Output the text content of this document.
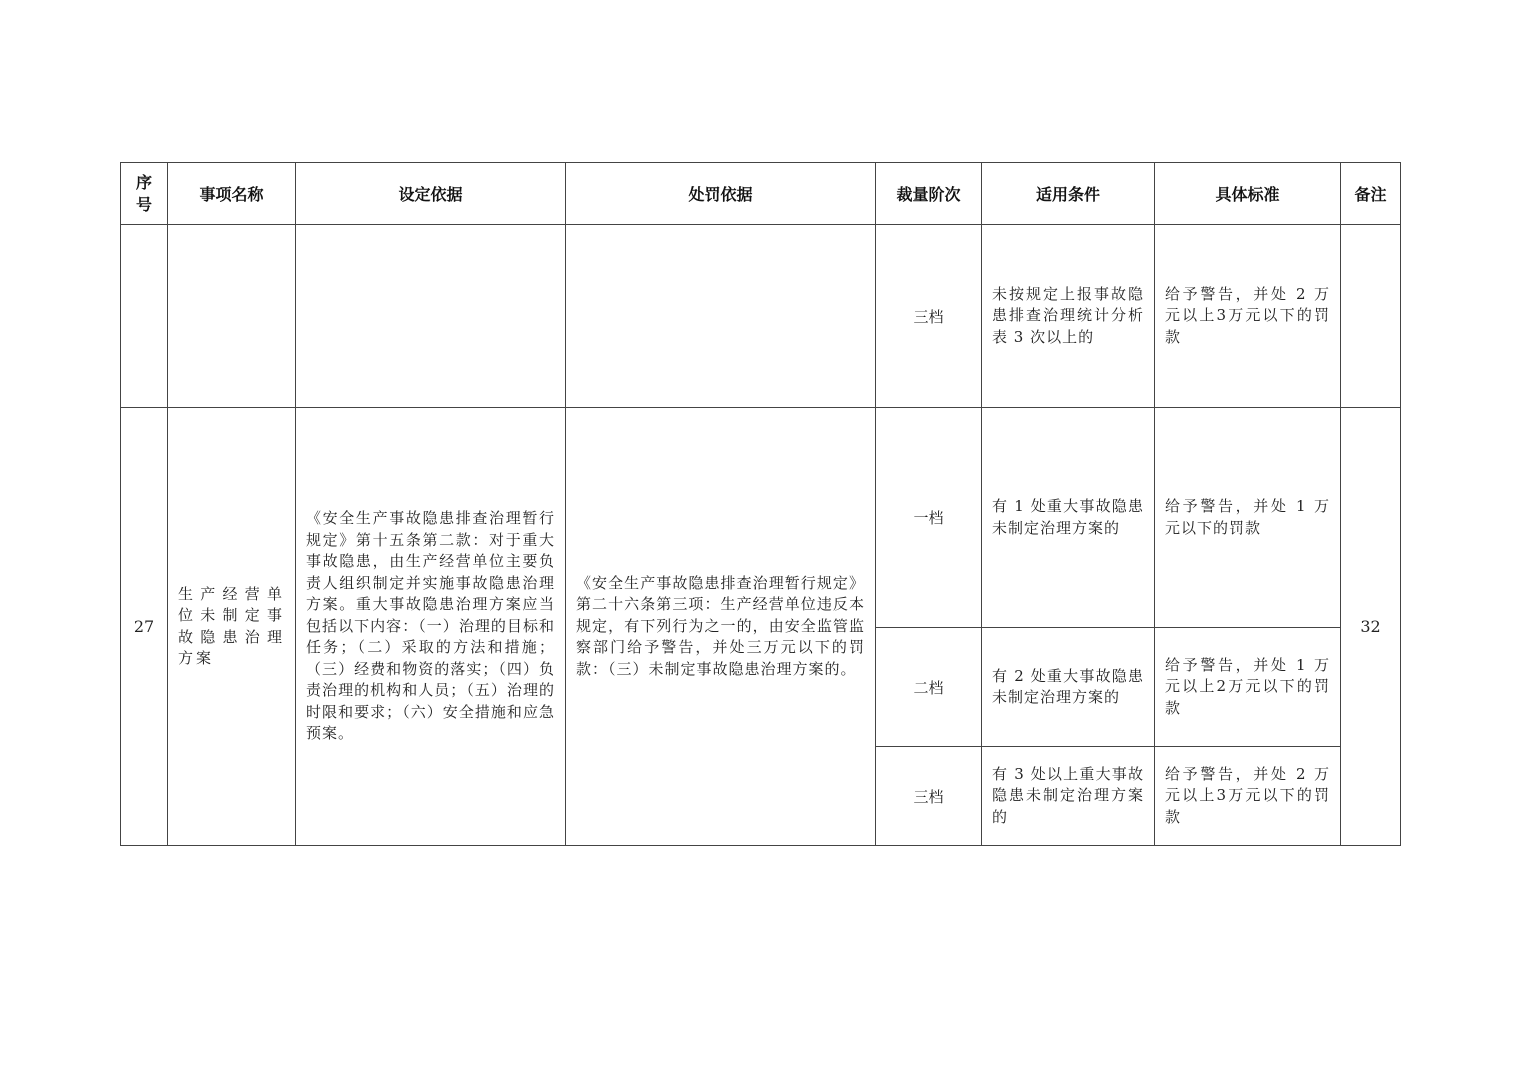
序号	事项名称	设定依据	处罚依据	裁量阶次	适用条件	具体标准	备注
				三档	未按规定上报事故隐患排查治理统计分析表 3 次以上的	给予警告，并处 2 万元以上3万元以下的罚款	

27	生产经营单位未制定事故隐患治理方案	《安全生产事故隐患排查治理暂行规定》第十五条第二款：对于重大事故隐患，由生产经营单位主要负责人组织制定并实施事故隐患治理方案。重大事故隐患治理方案应当包括以下内容：（一）治理的目标和任务；（二）采取的方法和措施；（三）经费和物资的落实；（四）负责治理的机构和人员；（五）治理的时限和要求；（六）安全措施和应急预案。	《安全生产事故隐患排查治理暂行规定》第二十六条第三项：生产经营单位违反本规定，有下列行为之一的，由安全监管监察部门给予警告，并处三万元以下的罚款：（三）未制定事故隐患治理方案的。	一档	有 1 处重大事故隐患未制定治理方案的	给予警告，并处 1 万元以下的罚款	32
				二档	有 2 处重大事故隐患未制定治理方案的	给予警告，并处 1 万元以上2万元以下的罚款	

				三档	有 3 处以上重大事故隐患未制定治理方案的	给予警告，并处 2 万元以上3万元以下的罚款	
